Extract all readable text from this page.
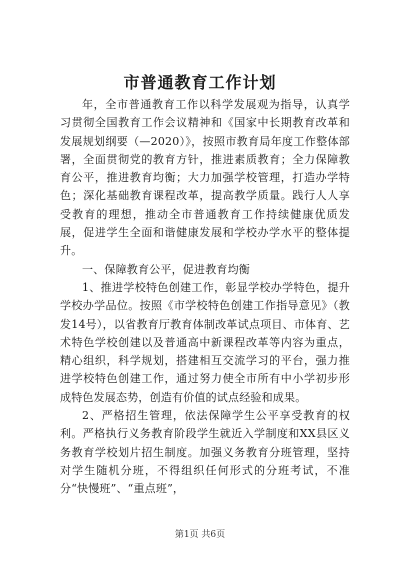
市普通教育工作计划

年，全市普通教育工作以科学发展观为指导，认真学习贯彻全国教育工作会议精神和《国家中长期教育改革和发展规划纲要（—2020）》，按照市教育局年度工作整体部署，全面贯彻党的教育方针，推进素质教育；全力保障教育公平，推进教育均衡；大力加强学校管理，打造办学特色；深化基础教育课程改革，提高教学质量。践行人人享受教育的理想，推动全市普通教育工作持续健康优质发展，促进学生全面和谐健康发展和学校办学水平的整体提升。

一、保障教育公平，促进教育均衡

1、推进学校特色创建工作，彰显学校办学特色，提升学校办学品位。按照《市学校特色创建工作指导意见》（教发14号），以省教育厅教育体制改革试点项目、市体育、艺术特色学校创建以及普通高中新课程改革等内容为重点，精心组织，科学规划，搭建相互交流学习的平台，强力推进学校特色创建工作，通过努力使全市所有中小学初步形成特色发展态势，创造有价值的试点经验和成果。

2、严格招生管理，依法保障学生公平享受教育的权利。严格执行义务教育阶段学生就近入学制度和XX县区义务教育学校划片招生制度。加强义务教育分班管理，坚持对学生随机分班，不得组织任何形式的分班考试，不准分“快慢班”、“重点班”，

第1页 共6页
